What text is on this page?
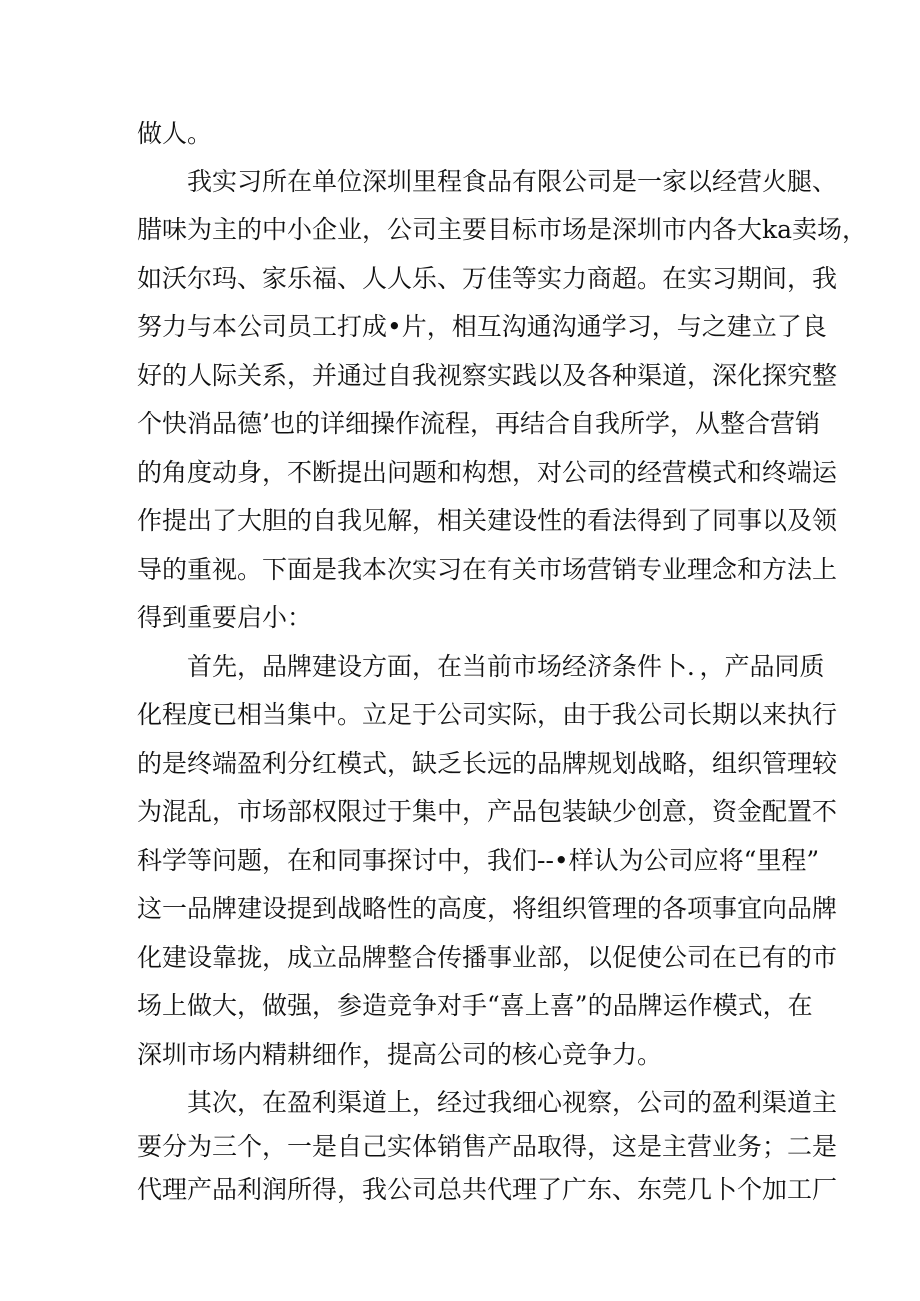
做人。
我实习所在单位深圳里程食品有限公司是一家以经营火腿、
腊味为主的中小企业，公司主要目标市场是深圳市内各大ka卖场，
如沃尔玛、家乐福、人人乐、万佳等实力商超。在实习期间，我
努力与本公司员工打成•片，相互沟通沟通学习，与之建立了良
好的人际关系，并通过自我视察实践以及各种渠道，深化探究整
个快消品德’也的详细操作流程，再结合自我所学，从整合营销
的角度动身，不断提出问题和构想，对公司的经营模式和终端运
作提出了大胆的自我见解，相关建设性的看法得到了同事以及领
导的重视。下面是我本次实习在有关市场营销专业理念和方法上
得到重要启小：
首先，品牌建设方面，在当前市场经济条件卜．，产品同质
化程度已相当集中。立足于公司实际，由于我公司长期以来执行
的是终端盈利分红模式，缺乏长远的品牌规划战略，组织管理较
为混乱，市场部权限过于集中，产品包装缺少创意，资金配置不
科学等问题，在和同事探讨中，我们--•样认为公司应将“里程”
这一品牌建设提到战略性的高度，将组织管理的各项事宜向品牌
化建设靠拢，成立品牌整合传播事业部，以促使公司在已有的市
场上做大，做强，参造竞争对手“喜上喜”的品牌运作模式，在
深圳市场内精耕细作，提高公司的核心竞争力。
其次，在盈利渠道上，经过我细心视察，公司的盈利渠道主
要分为三个，一是自己实体销售产品取得，这是主营业务；二是
代理产品利润所得，我公司总共代理了广东、东莞几卜个加工厂
